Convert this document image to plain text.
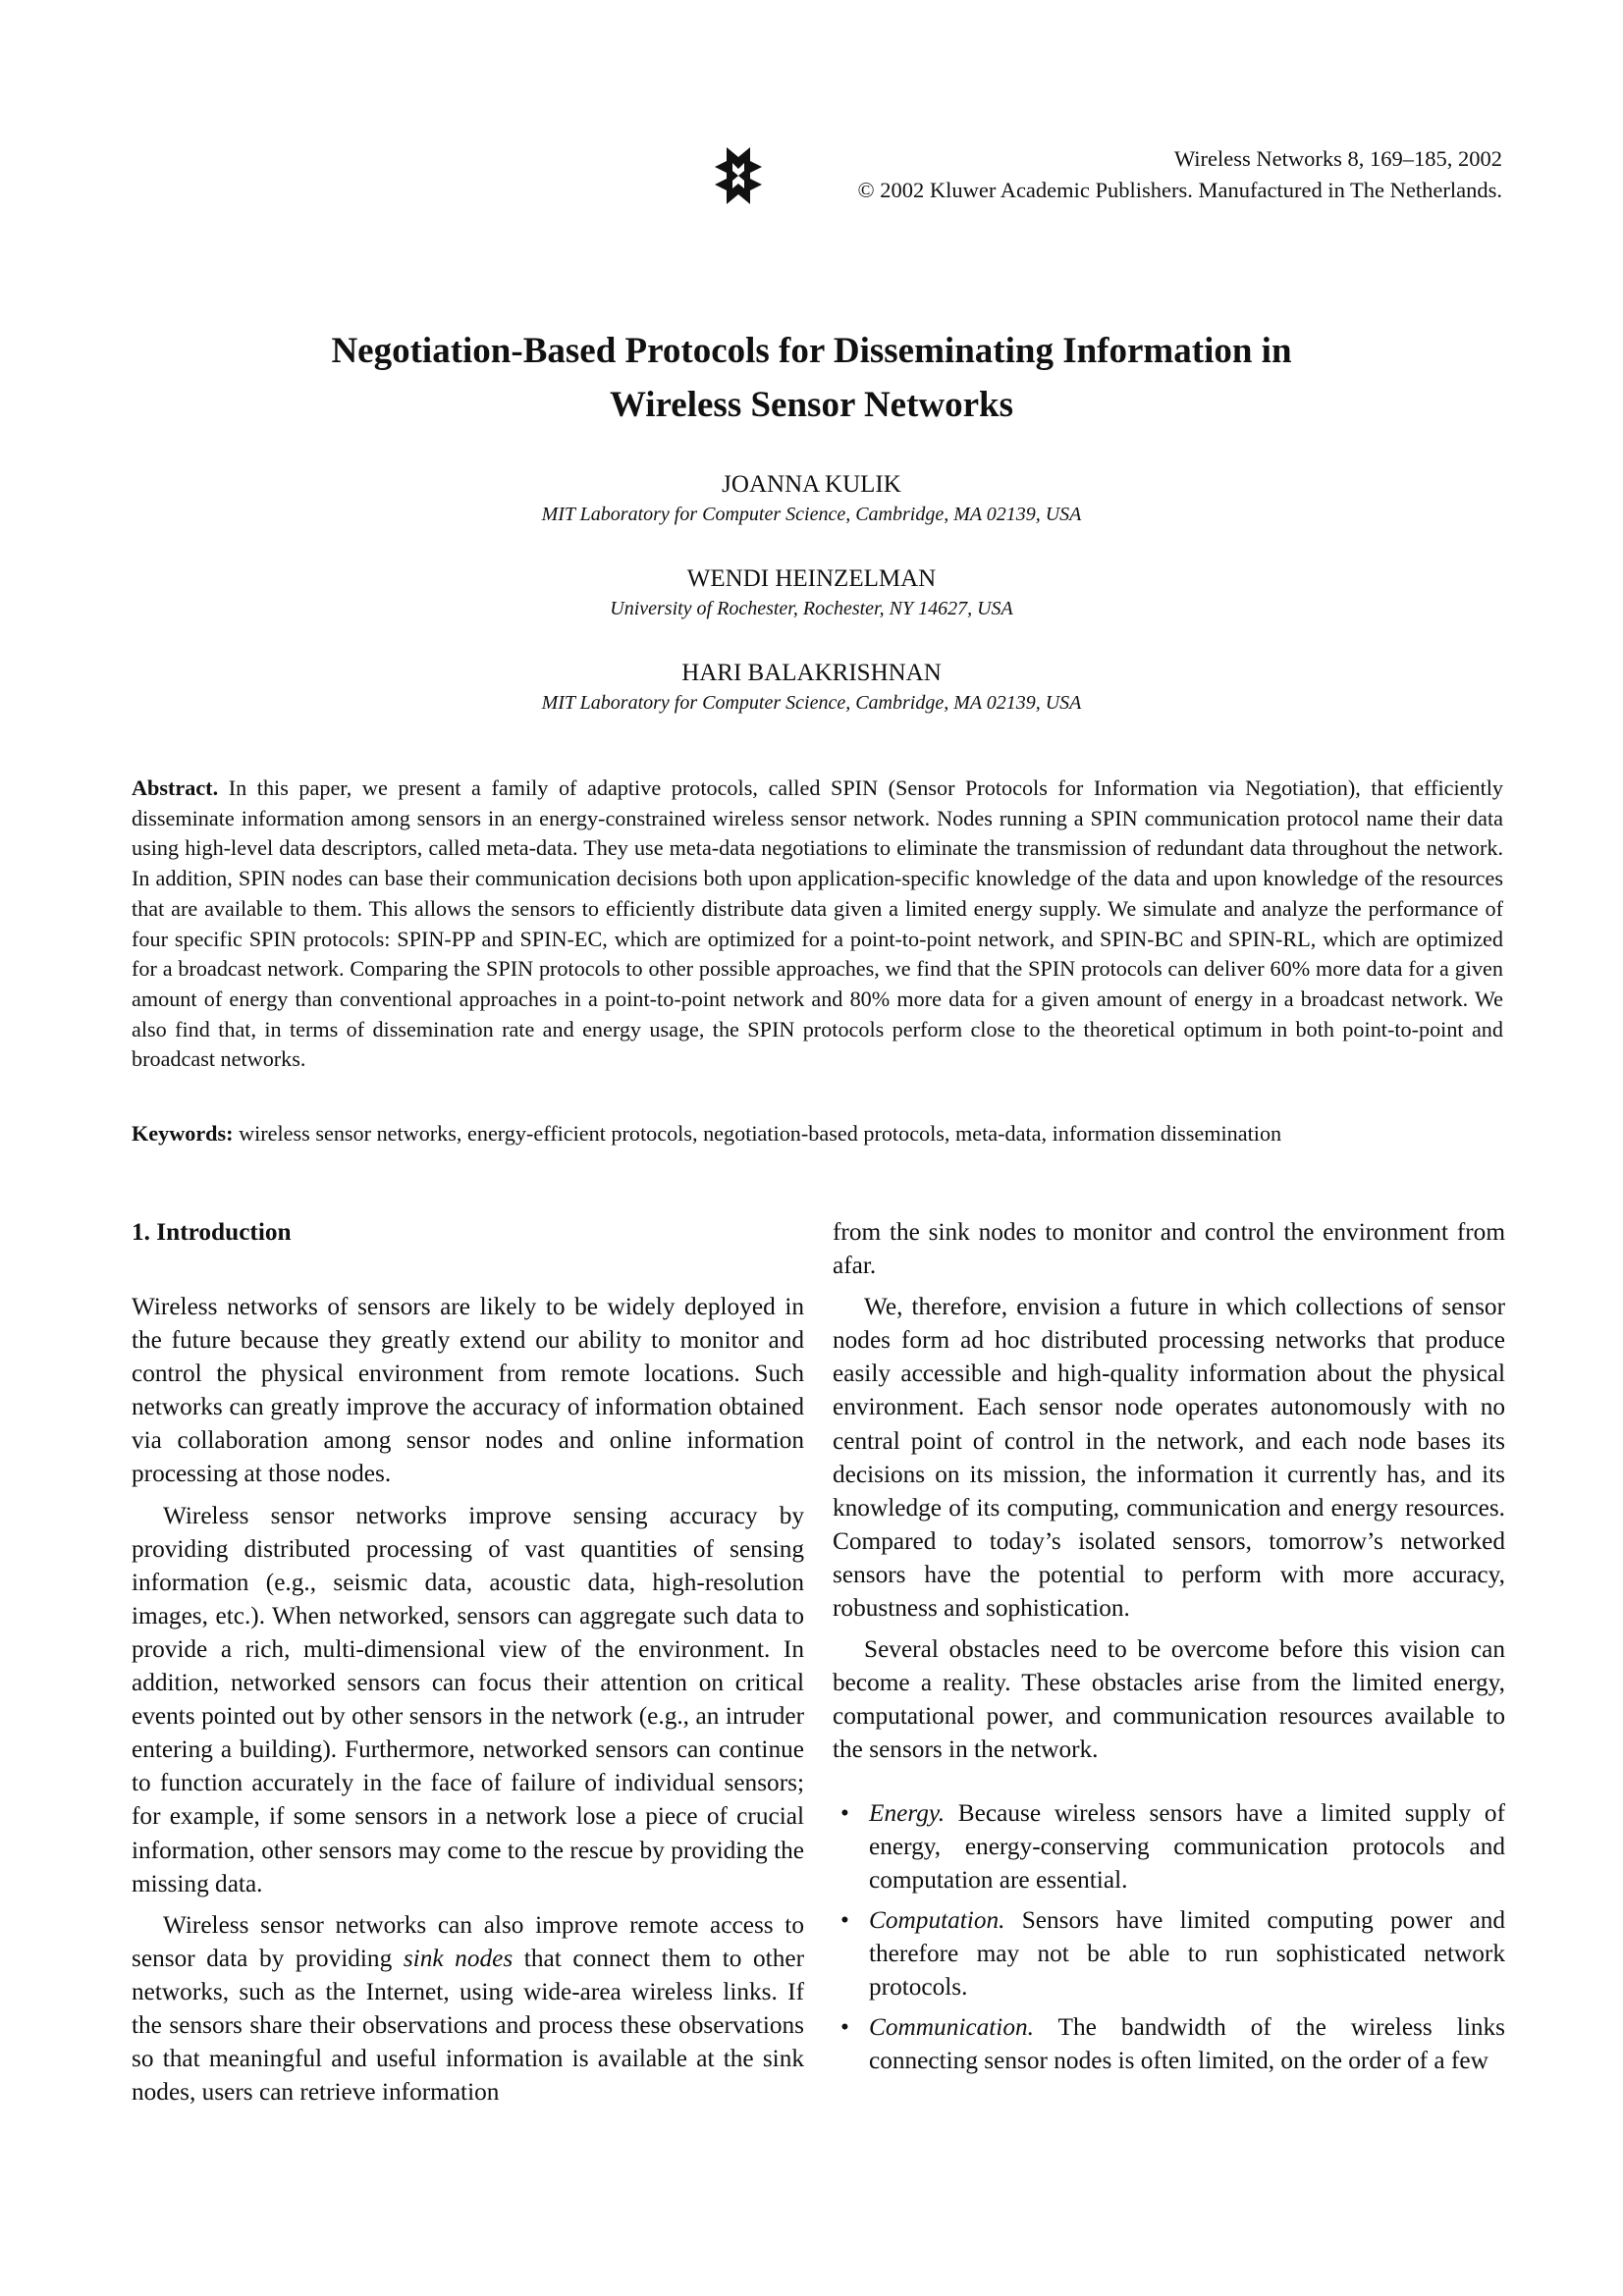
Wireless Networks 8, 169–185, 2002
© 2002 Kluwer Academic Publishers. Manufactured in The Netherlands.
Negotiation-Based Protocols for Disseminating Information in
Wireless Sensor Networks
JOANNA KULIK
MIT Laboratory for Computer Science, Cambridge, MA 02139, USA
WENDI HEINZELMAN
University of Rochester, Rochester, NY 14627, USA
HARI BALAKRISHNAN
MIT Laboratory for Computer Science, Cambridge, MA 02139, USA
Abstract. In this paper, we present a family of adaptive protocols, called SPIN (Sensor Protocols for Information via Negotiation), that efficiently disseminate information among sensors in an energy-constrained wireless sensor network. Nodes running a SPIN communication protocol name their data using high-level data descriptors, called meta-data. They use meta-data negotiations to eliminate the transmission of redundant data throughout the network. In addition, SPIN nodes can base their communication decisions both upon application-specific knowledge of the data and upon knowledge of the resources that are available to them. This allows the sensors to efficiently distribute data given a limited energy supply. We simulate and analyze the performance of four specific SPIN protocols: SPIN-PP and SPIN-EC, which are optimized for a point-to-point network, and SPIN-BC and SPIN-RL, which are optimized for a broadcast network. Comparing the SPIN protocols to other possible approaches, we find that the SPIN protocols can deliver 60% more data for a given amount of energy than conventional approaches in a point-to-point network and 80% more data for a given amount of energy in a broadcast network. We also find that, in terms of dissemination rate and energy usage, the SPIN protocols perform close to the theoretical optimum in both point-to-point and broadcast networks.
Keywords: wireless sensor networks, energy-efficient protocols, negotiation-based protocols, meta-data, information dissemination
1. Introduction

Wireless networks of sensors are likely to be widely deployed in the future because they greatly extend our ability to monitor and control the physical environment from remote locations. Such networks can greatly improve the accuracy of information obtained via collaboration among sensor nodes and online information processing at those nodes.

Wireless sensor networks improve sensing accuracy by providing distributed processing of vast quantities of sensing information (e.g., seismic data, acoustic data, high-resolution images, etc.). When networked, sensors can aggregate such data to provide a rich, multi-dimensional view of the environment. In addition, networked sensors can focus their attention on critical events pointed out by other sensors in the network (e.g., an intruder entering a building). Furthermore, networked sensors can continue to function accurately in the face of failure of individual sensors; for example, if some sensors in a network lose a piece of crucial information, other sensors may come to the rescue by providing the missing data.

Wireless sensor networks can also improve remote access to sensor data by providing sink nodes that connect them to other networks, such as the Internet, using wide-area wireless links. If the sensors share their observations and process these observations so that meaningful and useful information is available at the sink nodes, users can retrieve information

from the sink nodes to monitor and control the environment from afar.

We, therefore, envision a future in which collections of sensor nodes form ad hoc distributed processing networks that produce easily accessible and high-quality information about the physical environment. Each sensor node operates autonomously with no central point of control in the network, and each node bases its decisions on its mission, the information it currently has, and its knowledge of its computing, communication and energy resources. Compared to today’s isolated sensors, tomorrow’s networked sensors have the potential to perform with more accuracy, robustness and sophistication.

Several obstacles need to be overcome before this vision can become a reality. These obstacles arise from the limited energy, computational power, and communication resources available to the sensors in the network.

• Energy. Because wireless sensors have a limited supply of energy, energy-conserving communication protocols and computation are essential.
• Computation. Sensors have limited computing power and therefore may not be able to run sophisticated network protocols.
• Communication. The bandwidth of the wireless links connecting sensor nodes is often limited, on the order of a few
